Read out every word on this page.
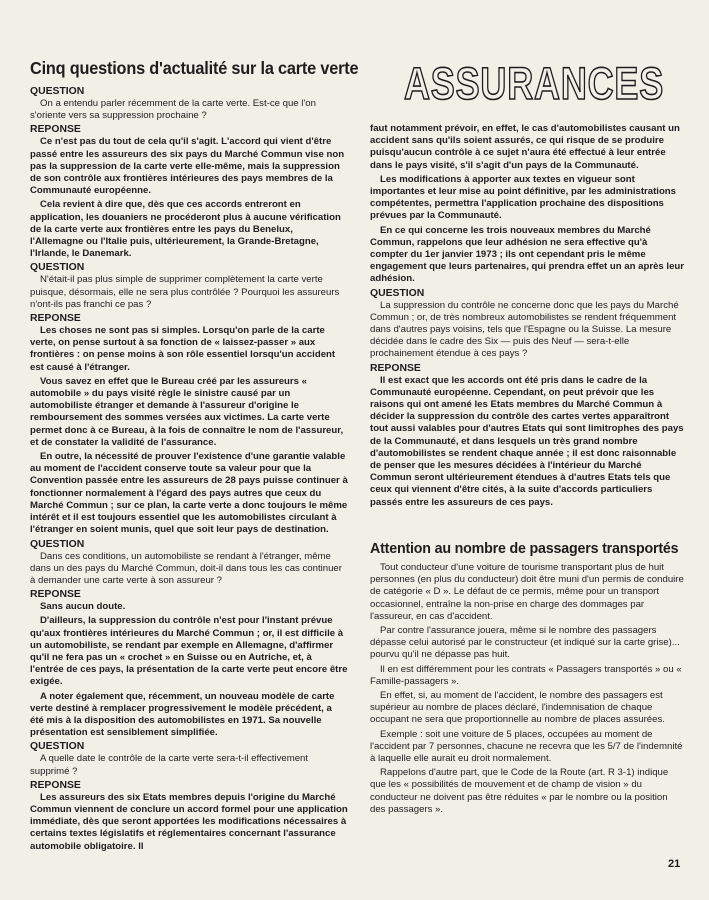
Cinq questions d'actualité sur la carte verte ASSURANCES
QUESTION

On a entendu parler récemment de la carte verte. Est-ce que l'on s'oriente vers sa suppression prochaine ?

REPONSE

Ce n'est pas du tout de cela qu'il s'agit. L'accord qui vient d'être passé entre les assureurs des six pays du Marché Commun vise non pas la suppression de la carte verte elle-même, mais la suppression de son contrôle aux frontières intérieures des pays membres de la Communauté européenne.

Cela revient à dire que, dès que ces accords entreront en application, les douaniers ne procéderont plus à aucune vérification de la carte verte aux frontières entre les pays du Benelux, l'Allemagne ou l'Italie puis, ultérieurement, la Grande-Bretagne, l'Irlande, le Danemark.

QUESTION

N'était-il pas plus simple de supprimer complètement la carte verte puisque, désormais, elle ne sera plus contrôlée ? Pourquoi les assureurs n'ont-ils pas franchi ce pas ?

REPONSE

Les choses ne sont pas si simples. Lorsqu'on parle de la carte verte, on pense surtout à sa fonction de « laissez-passer » aux frontières : on pense moins à son rôle essentiel lorsqu'un accident est causé à l'étranger.

Vous savez en effet que le Bureau créé par les assureurs « automobile » du pays visité règle le sinistre causé par un automobiliste étranger et demande à l'assureur d'origine le remboursement des sommes versées aux victimes. La carte verte permet donc à ce Bureau, à la fois de connaître le nom de l'assureur, et de constater la validité de l'assurance.

En outre, la nécessité de prouver l'existence d'une garantie valable au moment de l'accident conserve toute sa valeur pour que la Convention passée entre les assureurs de 28 pays puisse continuer à fonctionner normalement à l'égard des pays autres que ceux du Marché Commun ; sur ce plan, la carte verte a donc toujours le même intérêt et il est toujours essentiel que les automobilistes circulant à l'étranger en soient munis, quel que soit leur pays de destination.

QUESTION

Dans ces conditions, un automobiliste se rendant à l'étranger, même dans un des pays du Marché Commun, doit-il dans tous les cas continuer à demander une carte verte à son assureur ?

REPONSE

Sans aucun doute.

D'ailleurs, la suppression du contrôle n'est pour l'instant prévue qu'aux frontières intérieures du Marché Commun ; or, il est difficile à un automobiliste, se rendant par exemple en Allemagne, d'affirmer qu'il ne fera pas un « crochet » en Suisse ou en Autriche, et, à l'entrée de ces pays, la présentation de la carte verte peut encore être exigée.

A noter également que, récemment, un nouveau modèle de carte verte destiné à remplacer progressivement le modèle précédent, a été mis à la disposition des automobilistes en 1971. Sa nouvelle présentation est sensiblement simplifiée.

QUESTION

A quelle date le contrôle de la carte verte sera-t-il effectivement supprimé ?

REPONSE

Les assureurs des six Etats membres depuis l'origine du Marché Commun viennent de conclure un accord formel pour une application immédiate, dès que seront apportées les modifications nécessaires à certains textes législatifs et réglementaires concernant l'assurance automobile obligatoire. Il

faut notamment prévoir, en effet, le cas d'automobilistes causant un accident sans qu'ils soient assurés, ce qui risque de se produire puisqu'aucun contrôle à ce sujet n'aura été effectué à leur entrée dans le pays visité, s'il s'agit d'un pays de la Communauté.

Les modifications à apporter aux textes en vigueur sont importantes et leur mise au point définitive, par les administrations compétentes, permettra l'application prochaine des dispositions prévues par la Communauté.

En ce qui concerne les trois nouveaux membres du Marché Commun, rappelons que leur adhésion ne sera effective qu'à compter du 1er janvier 1973 ; ils ont cependant pris le même engagement que leurs partenaires, qui prendra effet un an après leur adhésion.

QUESTION

La suppression du contrôle ne concerne donc que les pays du Marché Commun ; or, de très nombreux automobilistes se rendent fréquemment dans d'autres pays voisins, tels que l'Espagne ou la Suisse. La mesure décidée dans le cadre des Six — puis des Neuf — sera-t-elle prochainement étendue à ces pays ?

REPONSE

Il est exact que les accords ont été pris dans le cadre de la Communauté européenne. Cependant, on peut prévoir que les raisons qui ont amené les Etats membres du Marché Commun à décider la suppression du contrôle des cartes vertes apparaîtront tout aussi valables pour d'autres Etats qui sont limitrophes des pays de la Communauté, et dans lesquels un très grand nombre d'automobilistes se rendent chaque année ; il est donc raisonnable de penser que les mesures décidées à l'intérieur du Marché Commun seront ultérieurement étendues à d'autres Etats tels que ceux qui viennent d'être cités, à la suite d'accords particuliers passés entre les assureurs de ces pays.

Attention au nombre de passagers transportés

Tout conducteur d'une voiture de tourisme transportant plus de huit personnes (en plus du conducteur) doit être muni d'un permis de conduire de catégorie « D ». Le défaut de ce permis, même pour un transport occasionnel, entraîne la non-prise en charge des dommages par l'assureur, en cas d'accident.

Par contre l'assurance jouera, même si le nombre des passagers dépasse celui autorisé par le constructeur (et indiqué sur la carte grise)... pourvu qu'il ne dépasse pas huit.

Il en est différemment pour les contrats « Passagers transportés » ou « Famille-passagers ».

En effet, si, au moment de l'accident, le nombre des passagers est supérieur au nombre de places déclaré, l'indemnisation de chaque occupant ne sera que proportionnelle au nombre de places assurées.

Exemple : soit une voiture de 5 places, occupées au moment de l'accident par 7 personnes, chacune ne recevra que les 5/7 de l'indemnité à laquelle elle aurait eu droit normalement.

Rappelons d'autre part, que le Code de la Route (art. R 3-1) indique que les « possibilités de mouvement et de champ de vision » du conducteur ne doivent pas être réduites « par le nombre ou la position des passagers ».

21
